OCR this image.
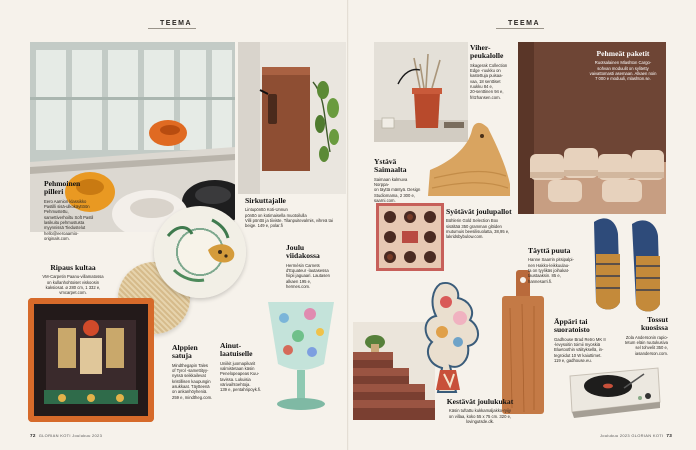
TEEMA	TEEMA
Pehmoinen
pilleri
Eero Aarnion klassikko
Pastilli sisä-ulkokäyttöön
Pehmustettu, samettiverhoiltu Soft Pastil
lasikuitu pehmustusta
myynnissä Tiedustelut
hello@eeroaarnio-
originals.com.
Sirkuttajalle
Lintupönttö Koti-Unnun
pönttö on kotimaisella muotoilulla
Villi pönttö ja tiiviste. Tilanpuitevalmis, vihreä tai
beige. 149 e, polar.fi
Ripaus kultaa
VM-Carpetin Paanu-villamatossa
on kullanhohtoiset viskoosin
kaksiosat. ø 280 cm, 1 332 e,
vmcarpet.com.
Joulu
viidakossa
Hermésin Carnets
d'Equateur -lautasessa
hiipii jaguaari. Lautasen
alkaen 195 e,
hermes.com.
Alppien
satuja
Mindthegapin Tales
of Tyrol -samettityy-
nyssä seikkailevat
kristillisen kaupungin
asukkaat. Täytteenä
on ankanhöyheniä.
259 e, mindtheg.com.
Ainut-
laatuiselle
Uniikit juomapikarit
valmistetaan käsin
Penelopeapeas Kuu-
tavissa. Lukuisia
värivaihtoehtoja.
139 e, pentahripoyk.fi.
Viher-
peukalolle
Skagerak Collection
Edge -ruukku on
kastettuja puisaa-
vaa, 18 senttiset
ruukku 84 e,
20-senttinen 94 e,
fritzhansen.com.
Pehmeät paketit
Ruotsalainen Mlashton Cargo-
sohvan moduulit on sylitetty
vaivattomasti asemaan. Alkaen noin
7 000 e moduuli, mlashton.se.
Ystävä
Saimaalta
Saimaan kalmuva Norppa-
on täyttä mäntyä. Design
Studiomama, 2 300 e,
saarni.com.
Syötävät joulupallot
Bühlerin Gold Selection Box
sisältää 350 gramman glöiden
mutumuis beesilisuolatta, 38,95 e,
lakridsbybulow.com.
Täyttä puuta
Hanne Saarrin pitsipalpi-
nen Hakko-leikkuulau-
ta on tyylikäs joihakat-
taustaaksin. 85 e,
hannesarri.fi.
Tossut
kuosissa
Zola Andersonin rapio-
tetum eläin ruutukusiva
sel tohvelit 350 e,
iasanderson.com.
Äppäri tai
suoratoisto
Gadhouse Brad Retro MK II
-levysoitin toimii myoskiä
Bluetoothin välityksellä, in-
tegroidut 10 W kaiuttimet.
119 e, gadhouse.eu.
Kestävät joulukukat
Käsin tuftattu kukkamaljakko-ryijy
on villaa, koko 55 x 75 cm. 320 e,
lovingutsde.dk.
72 GLORIAN KOTI Joulukuu 2023	Joulukuu 2023 GLORIAN KOTI 73
